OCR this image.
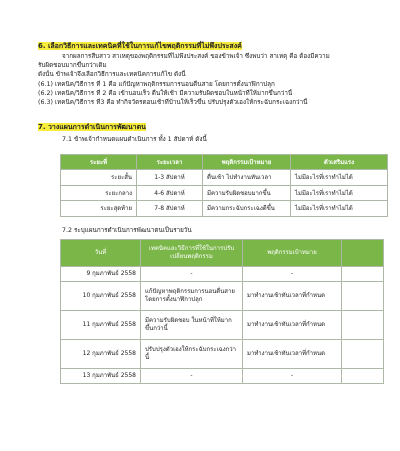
6. เลือกวิธีการและเทคนิคที่ใช้ในการแก้ไขพฤติกรรมที่ไม่พึงประสงค์
จากผลการสืบสาว สาเหตุของพฤติกรรมที่ไม่พึงประสงค์ ของข้าพเจ้า ซึ่งพบว่า สาเหตุ คือ ต้องมีความ
รับผิดชอบมากขึ้นกว่าเดิม
ดังนั้น ข้าพเจ้าจึงเลือกวิธีการและเทคนิคการแก้ไข ดังนี้
(6.1) เทคนิค/วิธีการ ที่ 1 คือ แก้ปัญหาพฤติกรรมการนอนตื่นสาย โดยการตั้งนาฬิกาปลุก
(6.2) เทคนิค/วิธีการ ที่ 2 คือ เข้านอนเร็ว ตื่นให้เช้า มีความรับผิดชอบในหน้าที่ให้มากขึ้นกว่านี้
(6.3) เทคนิค/วิธีการ ที่3 คือ ทำกิจวัตรตอนเช้าที่บ้านให้เร็วขึ้น ปรับปรุงตัวเองให้กระฉับกระเฉงกว่านี้
7. วางแผนการดำเนินการพัฒนาตน
7.1 ข้าพเจ้ากำหนดแผนดำเนินการ ทั้ง 1 สัปดาห์ ดังนี้
ระยะที่	ระยะเวลา	พฤติกรรมเป้าหมาย	ตัวเสริมแรง
ระยะสั้น	1-3 สัปดาห์	ตื่นเช้า ไปทำงานทันเวลา	ไม่มีอะไรที่เราทำไม่ได้
ระยะกลาง	4-6 สัปดาห์	มีความรับผิดชอบมากขึ้น	ไม่มีอะไรที่เราทำไม่ได้
ระยะสุดท้าย	7-8 สัปดาห์	มีความกระฉับกระเฉงดีขึ้น	ไม่มีอะไรที่เราทำไม่ได้
7.2 ระบุแผนการดำเนินการพัฒนาตนเป็นรายวัน
วันที่	เทคนิคและวิธีการที่ใช้ในการปรับเปลี่ยนพฤติกรรม	พฤติกรรมเป้าหมาย	
9 กุมภาพันธ์ 2558	-	-	
10 กุมภาพันธ์ 2558	แก้ปัญหาพฤติกรรมการนอนตื่นสาย โดยการตั้งนาฬิกาปลุก	มาทำงานเช้าทันเวลาที่กำหนด	
11 กุมภาพันธ์ 2558	มีความรับผิดชอบ ในหน้าที่ให้มากขึ้นกว่านี้	มาทำงานเช้าทันเวลาที่กำหนด	
12 กุมภาพันธ์ 2558	ปรับปรุงตัวเองให้กระฉับกระเฉงกว่านี้	มาทำงานเช้าทันเวลาที่กำหนด	
13 กุมภาพันธ์ 2558	-	-	
